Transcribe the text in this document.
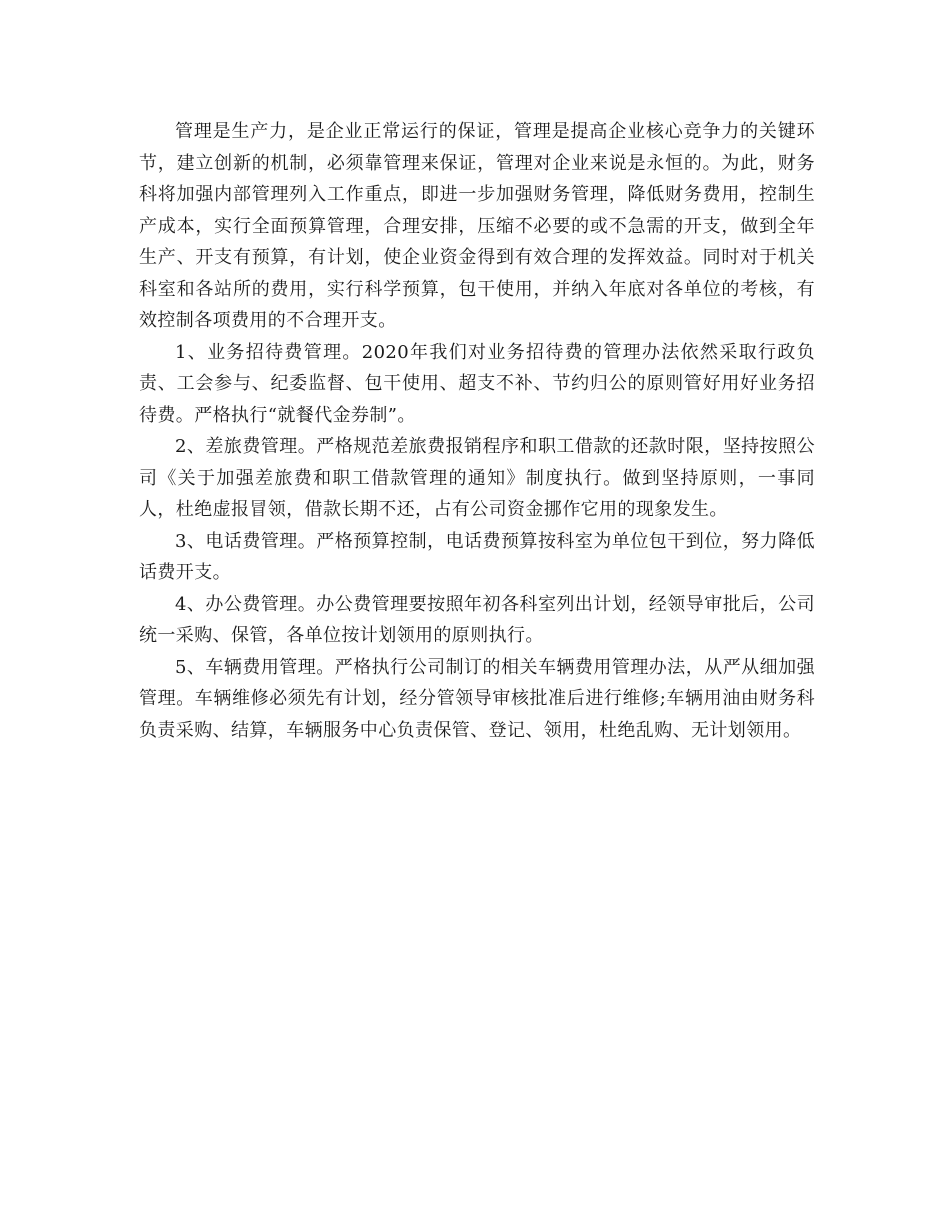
管理是生产力，是企业正常运行的保证，管理是提高企业核心竞争力的关键环节，建立创新的机制，必须靠管理来保证，管理对企业来说是永恒的。为此，财务科将加强内部管理列入工作重点，即进一步加强财务管理，降低财务费用，控制生产成本，实行全面预算管理，合理安排，压缩不必要的或不急需的开支，做到全年生产、开支有预算，有计划，使企业资金得到有效合理的发挥效益。同时对于机关科室和各站所的费用，实行科学预算，包干使用，并纳入年底对各单位的考核，有效控制各项费用的不合理开支。

1、业务招待费管理。2020年我们对业务招待费的管理办法依然采取行政负责、工会参与、纪委监督、包干使用、超支不补、节约归公的原则管好用好业务招待费。严格执行“就餐代金券制”。

2、差旅费管理。严格规范差旅费报销程序和职工借款的还款时限，坚持按照公司《关于加强差旅费和职工借款管理的通知》制度执行。做到坚持原则，一事同人，杜绝虚报冒领，借款长期不还，占有公司资金挪作它用的现象发生。

3、电话费管理。严格预算控制，电话费预算按科室为单位包干到位，努力降低话费开支。

4、办公费管理。办公费管理要按照年初各科室列出计划，经领导审批后，公司统一采购、保管，各单位按计划领用的原则执行。

5、车辆费用管理。严格执行公司制订的相关车辆费用管理办法，从严从细加强管理。车辆维修必须先有计划，经分管领导审核批准后进行维修;车辆用油由财务科负责采购、结算，车辆服务中心负责保管、登记、领用，杜绝乱购、无计划领用。
